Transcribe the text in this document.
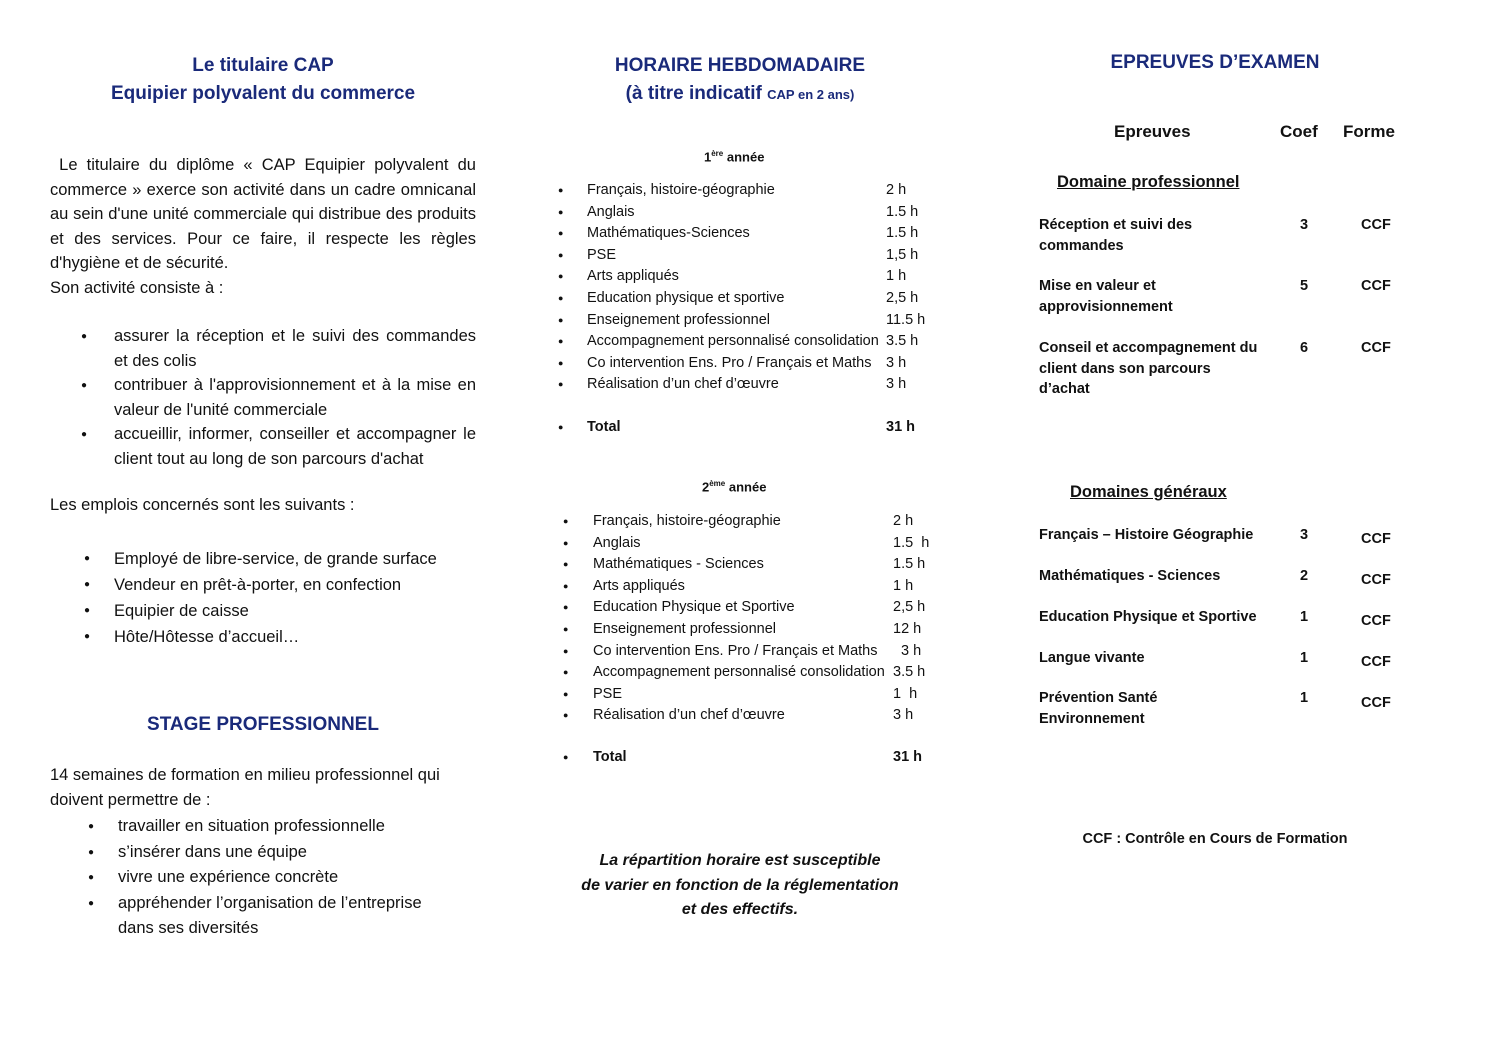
Le titulaire CAP
Equipier polyvalent du commerce
Le titulaire du diplôme « CAP Equipier polyvalent du commerce » exerce son activité dans un cadre omnicanal au sein d'une unité commerciale qui distribue des produits et des services. Pour ce faire, il respecte les règles d'hygiène et de sécurité.
Son activité consiste à :
● assurer la réception et le suivi des commandes et des colis
● contribuer à l'approvisionnement et à la mise en valeur de l'unité commerciale
● accueillir, informer, conseiller et accompagner le client tout au long de son parcours d'achat
Les emplois concernés sont les suivants :
● Employé de libre-service, de grande surface
● Vendeur en prêt-à-porter, en confection
● Equipier de caisse
● Hôte/Hôtesse d’accueil…
STAGE PROFESSIONNEL
14 semaines de formation en milieu professionnel qui doivent permettre de :
● travailler en situation professionnelle
● s’insérer dans une équipe
● vivre une expérience concrète
● appréhender l’organisation de l’entreprise dans ses diversités
HORAIRE HEBDOMADAIRE
(à titre indicatif CAP en 2 ans)
1ère année
● Français, histoire-géographie	2 h
● Anglais	1.5 h
● Mathématiques-Sciences	1.5 h
● PSE	1,5 h
● Arts appliqués	1 h
● Education physique et sportive	2,5 h
● Enseignement professionnel	11.5 h
● Accompagnement personnalisé consolidation 3.5 h
● Co intervention Ens. Pro / Français et Maths 3 h
● Réalisation d’un chef d’œuvre	3 h
● Total	31 h
2ème année
● Français, histoire-géographie	2 h
● Anglais	1.5  h
● Mathématiques - Sciences	1.5 h
● Arts appliqués	1 h
● Education Physique et Sportive	2,5 h
● Enseignement professionnel	12 h
● Co intervention Ens. Pro / Français et Maths 3 h
● Accompagnement personnalisé consolidation 3.5 h
● PSE	1  h
● Réalisation d’un chef d’œuvre	3 h
● Total	31 h
La répartition horaire est susceptible
de varier en fonction de la réglementation
et des effectifs.
EPREUVES D’EXAMEN
Epreuves	Coef Forme
Domaine professionnel
Réception et suivi des
commandes
3	CCF
Mise en valeur et
approvisionnement
5	CCF
Conseil et accompagnement du
client dans son parcours
d’achat
6	CCF
Domaines généraux
Français – Histoire Géographie	3	CCF
Mathématiques - Sciences	2	CCF
Education Physique et Sportive	1	CCF
Langue vivante	1	CCF
Prévention Santé
Environnement
1	CCF
CCF : Contrôle en Cours de Formation
